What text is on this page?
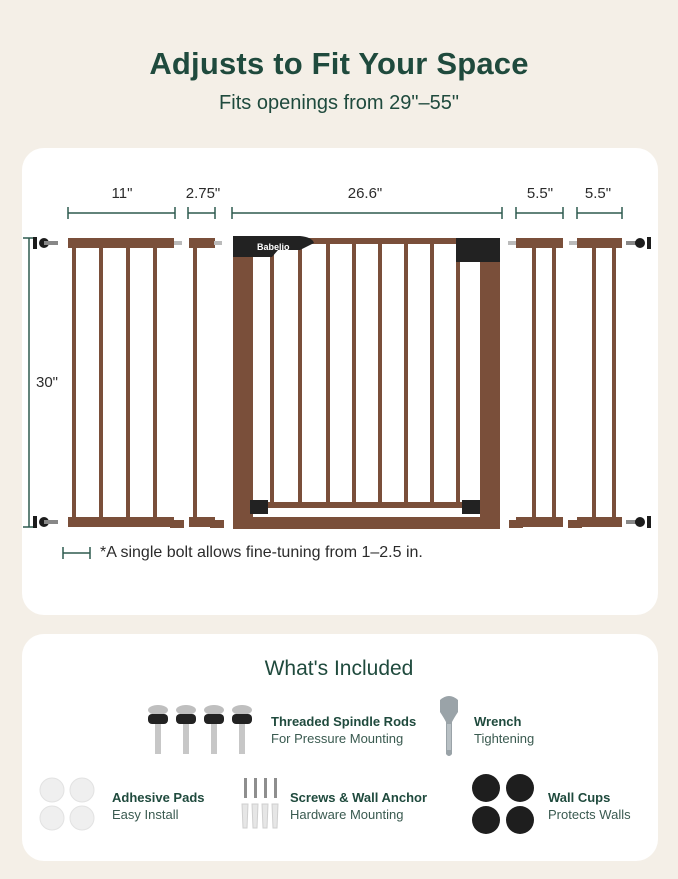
Adjusts to Fit Your Space
Fits openings from 29"–55"
11"	2.75"	26.6"	5.5"	5.5"
30"
Babelio
*A single bolt allows fine-tuning from 1–2.5 in.
What's Included
Threaded Spindle Rods
For Pressure Mounting
Wrench
Tightening
Adhesive Pads
Easy Install
Screws & Wall Anchor
Hardware Mounting
Wall Cups
Protects Walls
